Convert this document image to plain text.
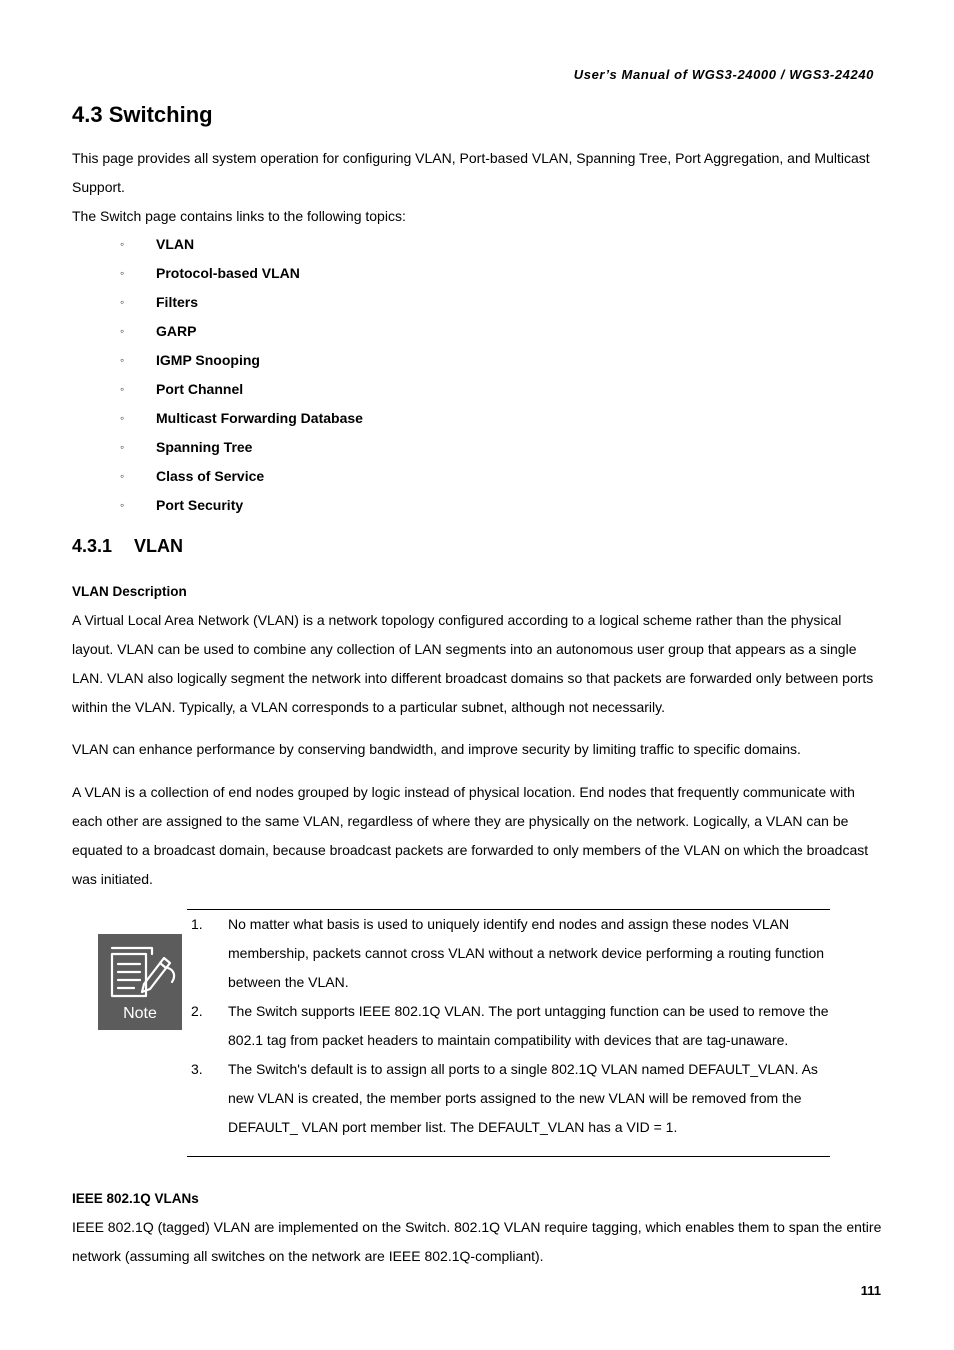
User’s Manual of WGS3-24000 / WGS3-24240
4.3 Switching

This page provides all system operation for configuring VLAN, Port-based VLAN, Spanning Tree, Port Aggregation, and Multicast Support.

The Switch page contains links to the following topics:

◦ VLAN
◦ Protocol-based VLAN
◦ Filters
◦ GARP
◦ IGMP Snooping
◦ Port Channel
◦ Multicast Forwarding Database
◦ Spanning Tree
◦ Class of Service
◦ Port Security
4.3.1 VLAN
VLAN Description

A Virtual Local Area Network (VLAN) is a network topology configured according to a logical scheme rather than the physical layout. VLAN can be used to combine any collection of LAN segments into an autonomous user group that appears as a single LAN. VLAN also logically segment the network into different broadcast domains so that packets are forwarded only between ports within the VLAN. Typically, a VLAN corresponds to a particular subnet, although not necessarily.

VLAN can enhance performance by conserving bandwidth, and improve security by limiting traffic to specific domains.

A VLAN is a collection of end nodes grouped by logic instead of physical location. End nodes that frequently communicate with each other are assigned to the same VLAN, regardless of where they are physically on the network. Logically, a VLAN can be equated to a broadcast domain, because broadcast packets are forwarded to only members of the VLAN on which the broadcast was initiated.

Note
1. No matter what basis is used to uniquely identify end nodes and assign these nodes VLAN membership, packets cannot cross VLAN without a network device performing a routing function between the VLAN.
2. The Switch supports IEEE 802.1Q VLAN. The port untagging function can be used to remove the 802.1 tag from packet headers to maintain compatibility with devices that are tag-unaware.
3. The Switch's default is to assign all ports to a single 802.1Q VLAN named DEFAULT_VLAN. As new VLAN is created, the member ports assigned to the new VLAN will be removed from the DEFAULT_ VLAN port member list. The DEFAULT_VLAN has a VID = 1.
IEEE 802.1Q VLANs

IEEE 802.1Q (tagged) VLAN are implemented on the Switch. 802.1Q VLAN require tagging, which enables them to span the entire network (assuming all switches on the network are IEEE 802.1Q-compliant).

111
